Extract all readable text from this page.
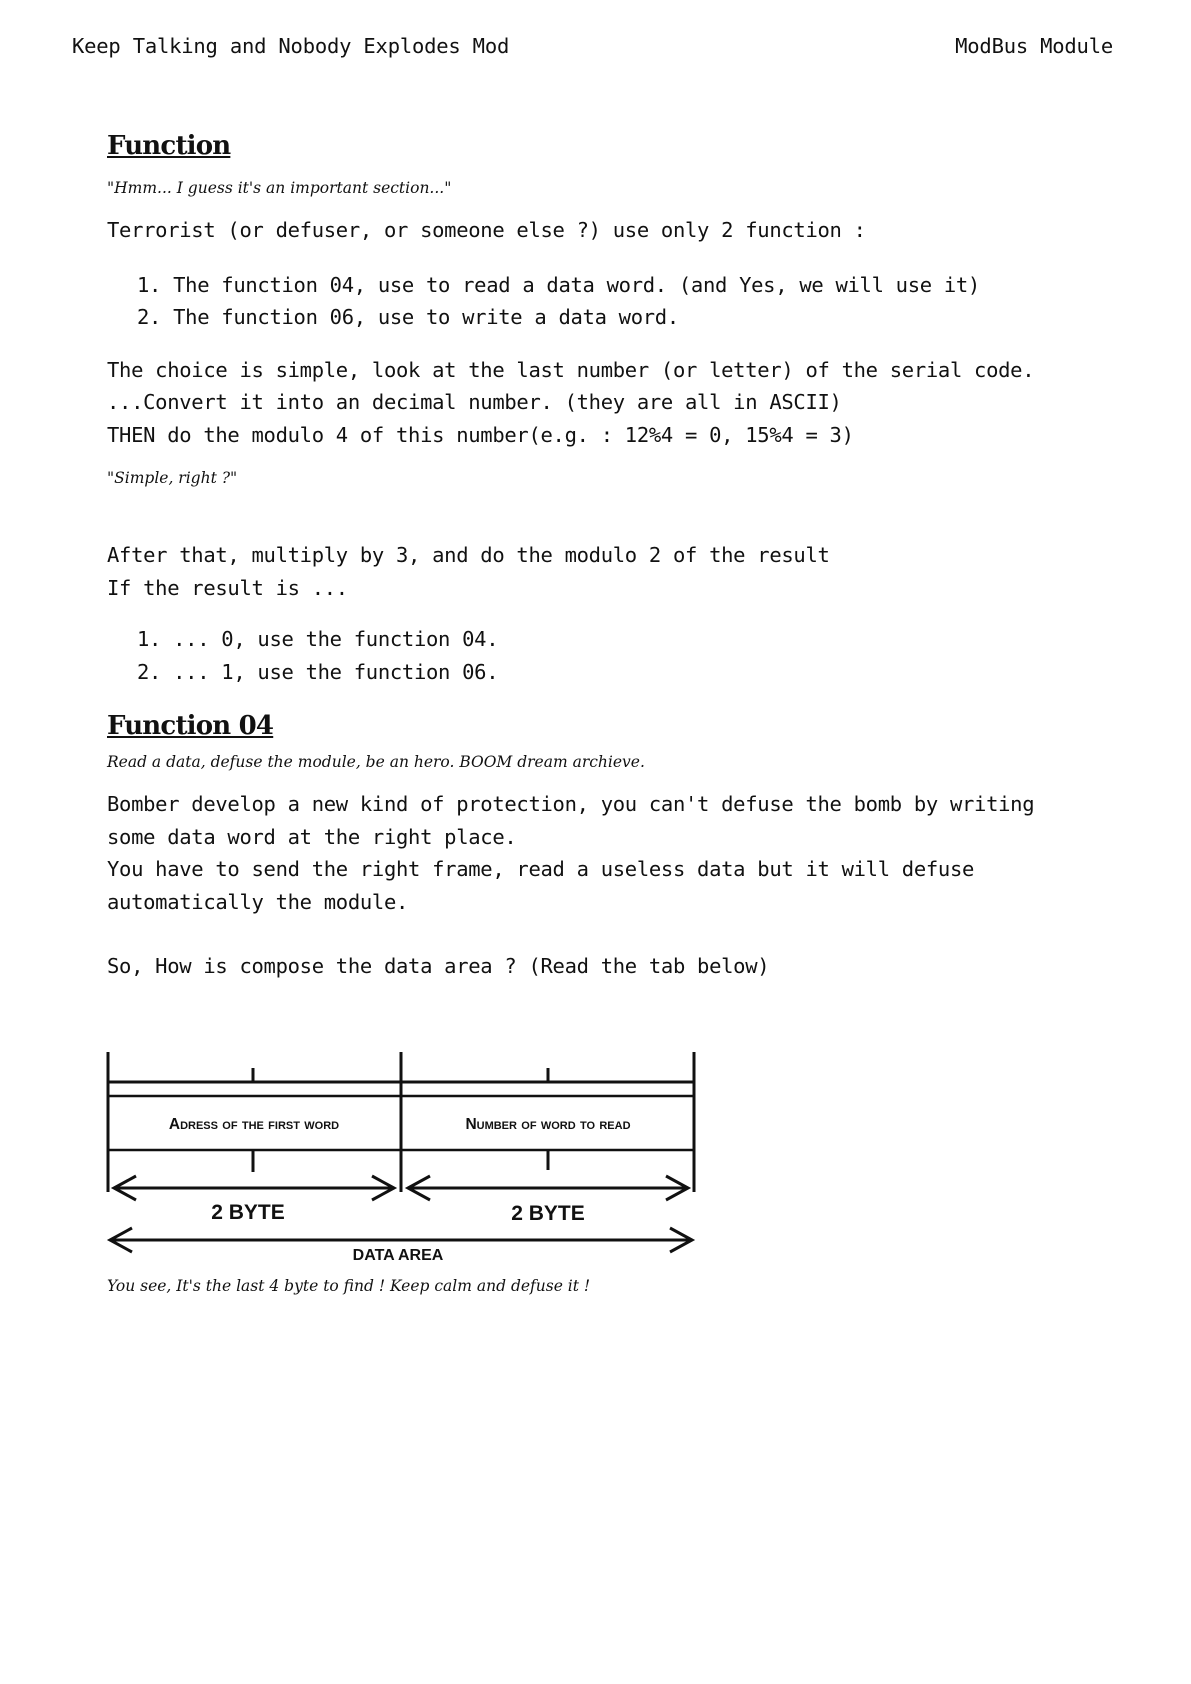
Keep Talking and Nobody Explodes Mod	ModBus Module
Function

"Hmm... I guess it's an important section..."

Terrorist (or defuser, or someone else ?) use only 2 function :

1. The function 04, use to read a data word. (and Yes, we will use it)
2. The function 06, use to write a data word.

The choice is simple, look at the last number (or letter) of the serial code.

...Convert it into an decimal number. (they are all in ASCII)

THEN do the modulo 4 of this number(e.g. : 12%4 = 0, 15%4 = 3)

"Simple, right ?"

After that, multiply by 3, and do the modulo 2 of the result

If the result is ...

1. ... 0, use the function 04.
2. ... 1, use the function 06.
Function 04

Read a data, defuse the module, be an hero. BOOM dream archieve.

Bomber develop a new kind of protection, you can't defuse the bomb by writing

some data word at the right place.

You have to send the right frame, read a useless data but it will defuse

automatically the module.

So, How is compose the data area ? (Read the tab below)

Adress of the first word	Number of word to read
2 BYTE	2 BYTE
DATA AREA

You see, It's the last 4 byte to find ! Keep calm and defuse it !
